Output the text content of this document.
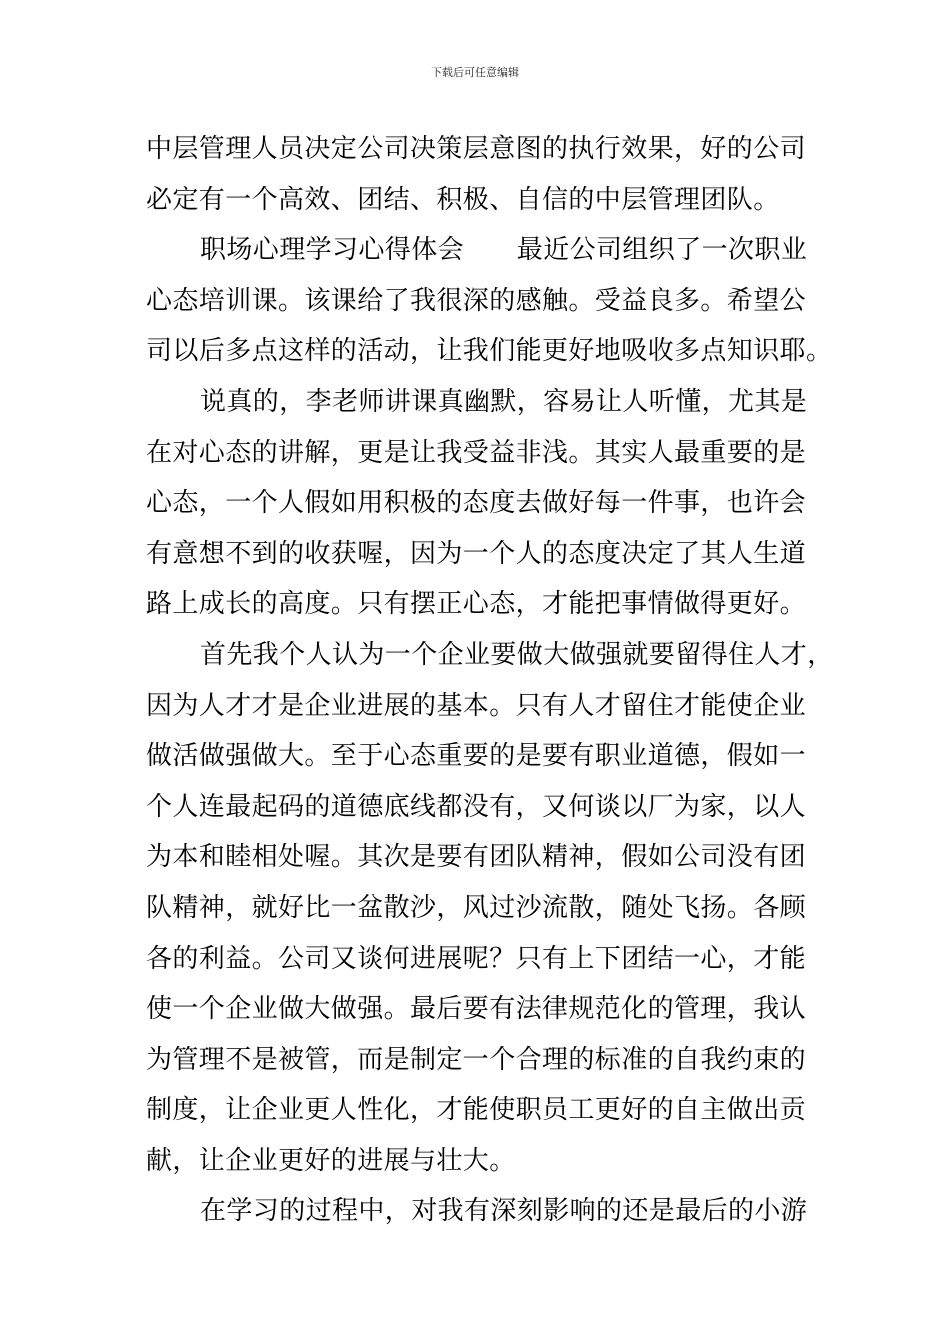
下载后可任意编辑
中层管理人员决定公司决策层意图的执行效果，好的公司
必定有一个高效、团结、积极、自信的中层管理团队。
职场心理学习心得体会　　最近公司组织了一次职业
心态培训课。该课给了我很深的感触。受益良多。希望公
司以后多点这样的活动，让我们能更好地吸收多点知识耶。
说真的，李老师讲课真幽默，容易让人听懂，尤其是
在对心态的讲解，更是让我受益非浅。其实人最重要的是
心态，一个人假如用积极的态度去做好每一件事，也许会
有意想不到的收获喔，因为一个人的态度决定了其人生道
路上成长的高度。只有摆正心态，才能把事情做得更好。
首先我个人认为一个企业要做大做强就要留得住人才，
因为人才才是企业进展的基本。只有人才留住才能使企业
做活做强做大。至于心态重要的是要有职业道德，假如一
个人连最起码的道德底线都没有，又何谈以厂为家，以人
为本和睦相处喔。其次是要有团队精神，假如公司没有团
队精神，就好比一盆散沙，风过沙流散，随处飞扬。各顾
各的利益。公司又谈何进展呢？只有上下团结一心，才能
使一个企业做大做强。最后要有法律规范化的管理，我认
为管理不是被管，而是制定一个合理的标准的自我约束的
制度，让企业更人性化，才能使职员工更好的自主做出贡
献，让企业更好的进展与壮大。
在学习的过程中，对我有深刻影响的还是最后的小游
